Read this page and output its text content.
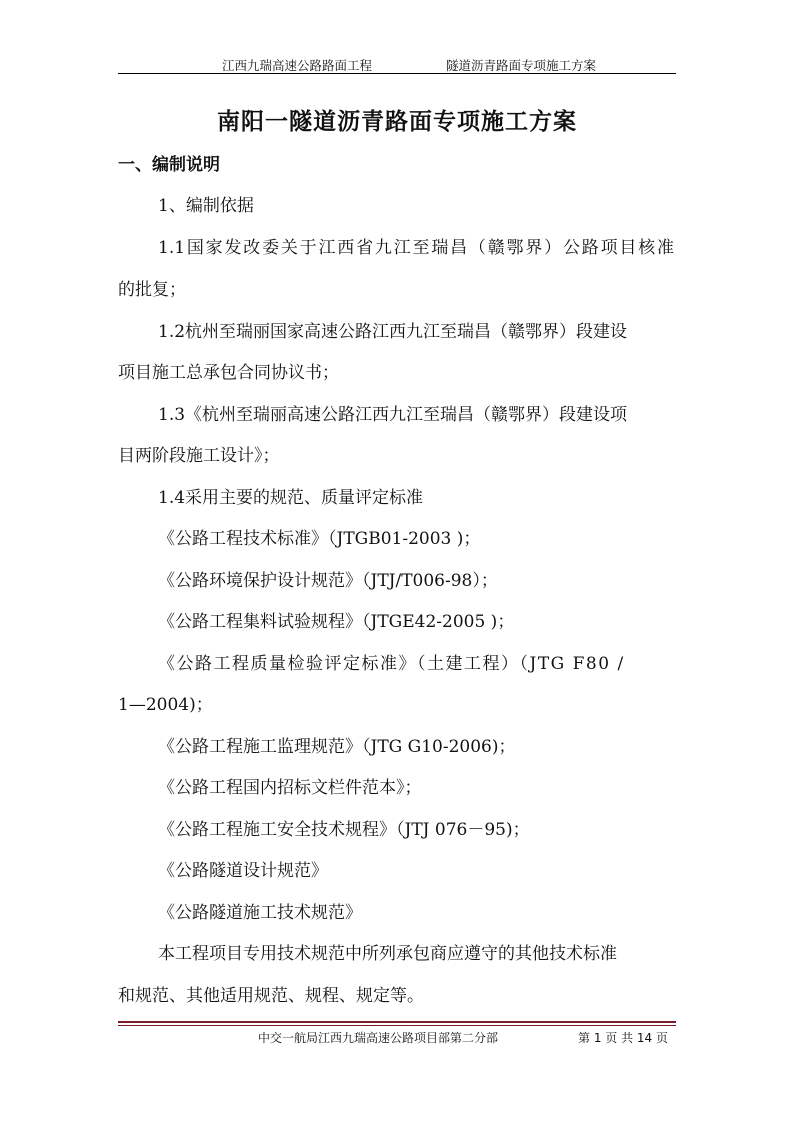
江西九瑞高速公路路面工程	隧道沥青路面专项施工方案
南阳一隧道沥青路面专项施工方案
一、编制说明
1、编制依据
1.1国家发改委关于江西省九江至瑞昌（赣鄂界）公路项目核准
的批复；
1.2杭州至瑞丽国家高速公路江西九江至瑞昌（赣鄂界）段建设
项目施工总承包合同协议书；
1.3《杭州至瑞丽高速公路江西九江至瑞昌（赣鄂界）段建设项
目两阶段施工设计》；
1.4采用主要的规范、质量评定标准
《公路工程技术标准》（JTGB01-2003 )；
《公路环境保护设计规范》（JTJ/T006-98）；
《公路工程集料试验规程》（JTGE42-2005 )；
《公路工程质量检验评定标准》（土建工程）（JTG F80 /
1—2004)；
《公路工程施工监理规范》（JTG G10-2006)；
《公路工程国内招标文栏件范本》；
《公路工程施工安全技术规程》（JTJ 076－95)；
《公路隧道设计规范》
《公路隧道施工技术规范》
本工程项目专用技术规范中所列承包商应遵守的其他技术标准
和规范、其他适用规范、规程、规定等。
中交一航局江西九瑞高速公路项目部第二分部	第 1 页 共 14 页
